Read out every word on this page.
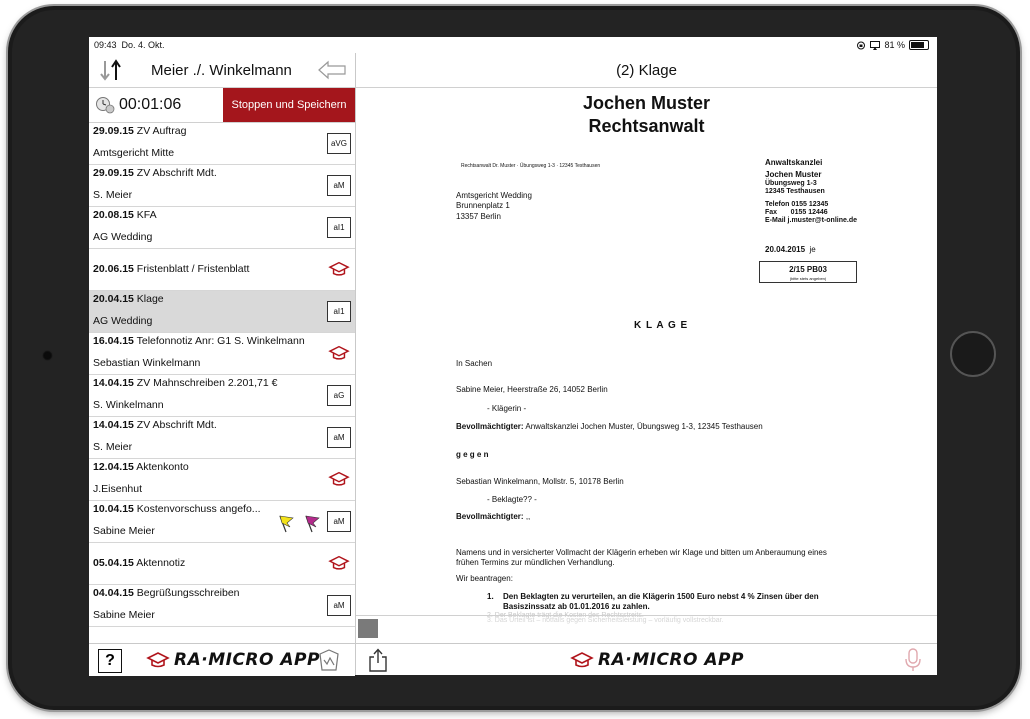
09:43 Do. 4. Okt.	81 %
Meier ./. Winkelmann
00:01:06	Stoppen und Speichern
29.09.15 ZV Auftrag
Amtsgericht Mitte
aVG
29.09.15 ZV Abschrift Mdt.
S. Meier
aM
20.08.15 KFA
AG Wedding
aI1
20.06.15 Fristenblatt / Fristenblatt
20.04.15 Klage
AG Wedding
aI1
16.04.15 Telefonnotiz Anr: G1 S. Winkelmann
Sebastian Winkelmann
14.04.15 ZV Mahnschreiben 2.201,71 €
S. Winkelmann
aG
14.04.15 ZV Abschrift Mdt.
S. Meier
aM
12.04.15 Aktenkonto
J.Eisenhut
10.04.15 Kostenvorschuss angefo...
Sabine Meier
aM
05.04.15 Aktennotiz
04.04.15 Begrüßungsschreiben
Sabine Meier
aM
?	RA·MICRO APP
(2) Klage
Jochen Muster
Rechtsanwalt
Rechtsanwalt Dr. Muster · Übungsweg 1-3 · 12345 Testhausen
Amtsgericht Wedding
Brunnenplatz 1
13357 Berlin
Anwaltskanzlei
Jochen Muster
Übungsweg 1-3
12345 Testhausen
Telefon 0155 12345
Fax       0155 12446
E-Mail j.muster@t-online.de
20.04.2015 je
2/15 PB03
(bitte stets angeben)
K L A G E
In Sachen
Sabine Meier, Heerstraße 26, 14052 Berlin
- Klägerin -
Bevollmächtigter: Anwaltskanzlei Jochen Muster, Übungsweg 1-3, 12345 Testhausen
g e g e n
Sebastian Winkelmann, Mollstr. 5, 10178 Berlin
- Beklagte?? -
Bevollmächtigter: ,,
Namens und in versicherter Vollmacht der Klägerin erheben wir Klage und bitten um Anberaumung eines
frühen Termins zur mündlichen Verhandlung.
Wir beantragen:
1. Den Beklagten zu verurteilen, an die Klägerin 1500 Euro nebst 4 % Zinsen über den
Basiszinssatz ab 01.01.2016 zu zahlen.
2. Der Beklagte trägt die Kosten des Rechtsstreits.
3. Das Urteil ist – notfalls gegen Sicherheitsleistung – vorläufig vollstreckbar.
RA·MICRO APP
